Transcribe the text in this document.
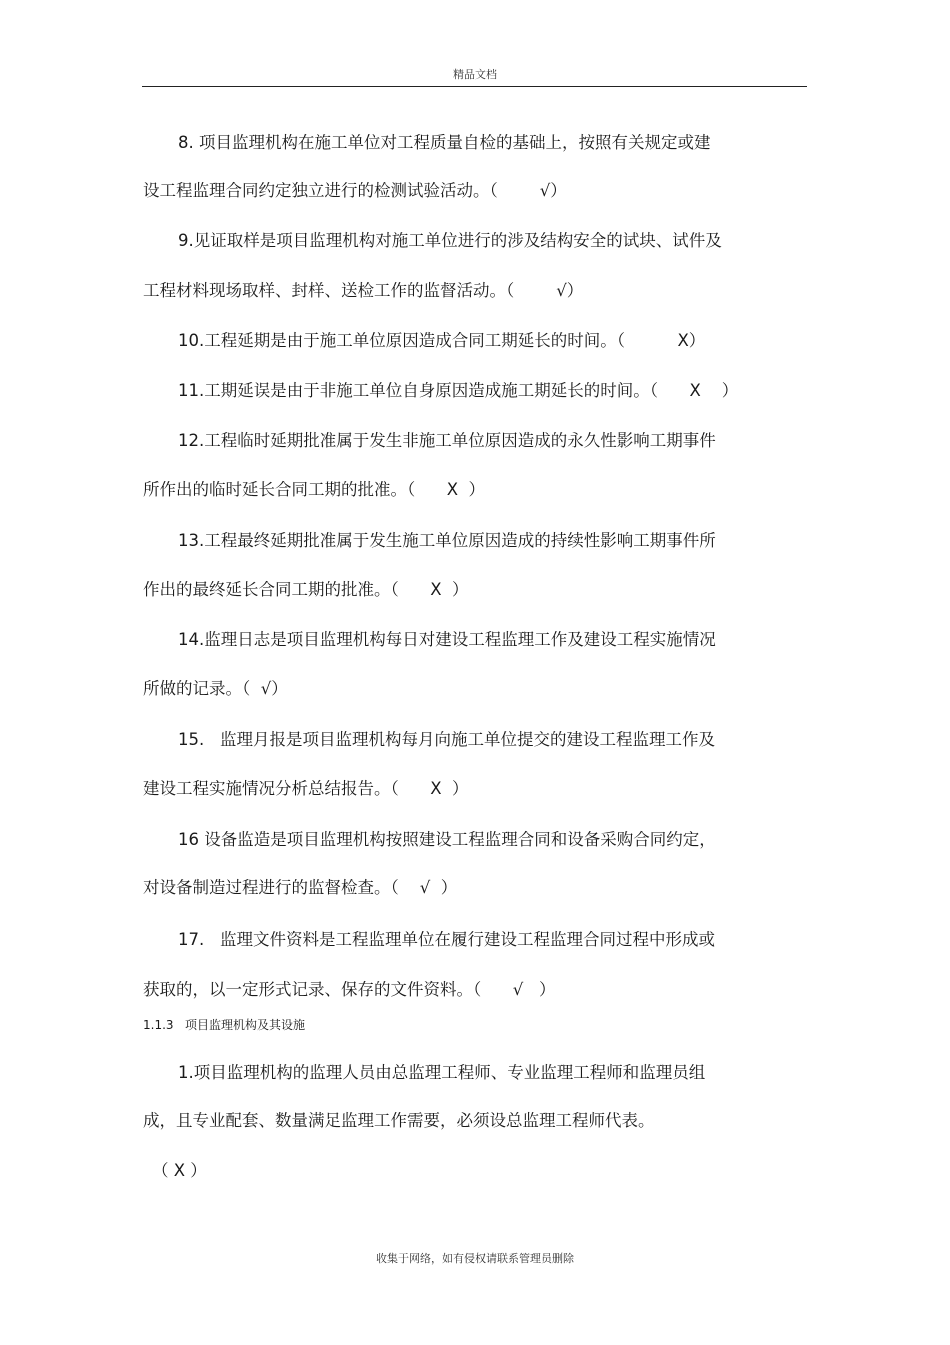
精品文档
8. 项目监理机构在施工单位对工程质量自检的基础上，按照有关规定或建
设工程监理合同约定独立进行的检测试验活动。（        √）
9.见证取样是项目监理机构对施工单位进行的涉及结构安全的试块、试件及
工程材料现场取样、封样、送检工作的监督活动。（        √）
10.工程延期是由于施工单位原因造成合同工期延长的时间。（          X）
11.工期延误是由于非施工单位自身原因造成施工期延长的时间。（      X    ）
12.工程临时延期批准属于发生非施工单位原因造成的永久性影响工期事件
所作出的临时延长合同工期的批准。（      X  ）
13.工程最终延期批准属于发生施工单位原因造成的持续性影响工期事件所
作出的最终延长合同工期的批准。（      X  ）
14.监理日志是项目监理机构每日对建设工程监理工作及建设工程实施情况
所做的记录。（  √）
15.   监理月报是项目监理机构每月向施工单位提交的建设工程监理工作及
建设工程实施情况分析总结报告。（      X  ）
16 设备监造是项目监理机构按照建设工程监理合同和设备采购合同约定，
对设备制造过程进行的监督检查。（    √  ）
17.   监理文件资料是工程监理单位在履行建设工程监理合同过程中形成或
获取的，以一定形式记录、保存的文件资料。（      √   ）
1.1.3 项目监理机构及其设施
1.项目监理机构的监理人员由总监理工程师、专业监理工程师和监理员组
成，且专业配套、数量满足监理工作需要，必须设总监理工程师代表。
（ X ）
收集于网络，如有侵权请联系管理员删除
